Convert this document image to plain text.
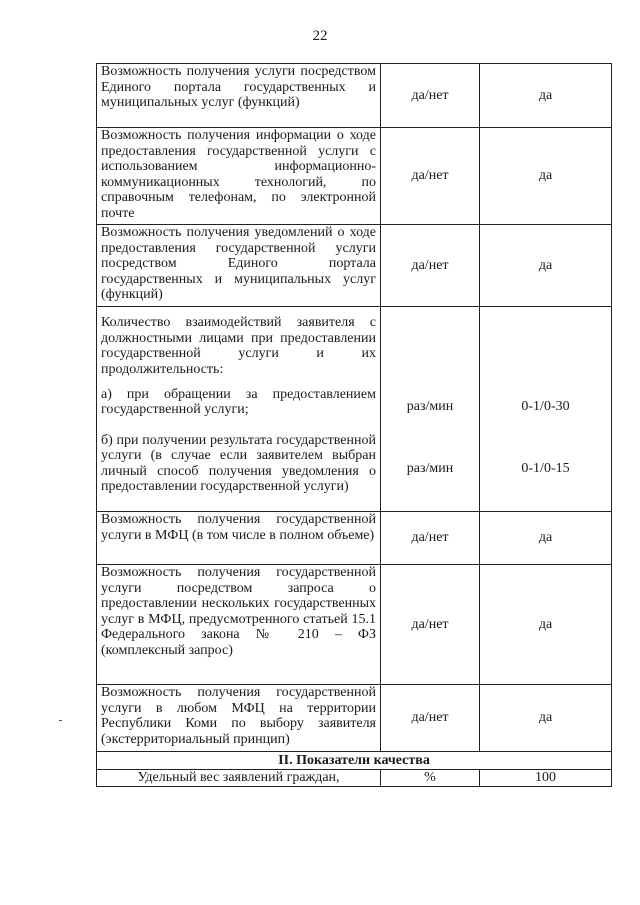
22
Возможность получения услуги посредством Единого портала государственных и муниципальных услуг (функций)	да/нет	да
Возможность получения информации о ходе предоставления государственной услуги с использованием информационно-коммуникационных технологий, по справочным телефонам, по электронной почте	да/нет	да
Возможность получения уведомлений о ходе предоставления государственной услуги посредством Единого портала государственных и муниципальных услуг (функций)	да/нет	да
Количество взаимодействий заявителя с должностными лицами при предоставлении государственной услуги и их продолжительность:		
а) при обращении за предоставлением государственной услуги;	раз/мин	0-1/0-30
б) при получении результата государственной услуги (в случае если заявителем выбран личный способ получения уведомления о предоставлении государственной услуги)	раз/мин	0-1/0-15
Возможность получения государственной услуги в МФЦ (в том числе в полном объеме)	да/нет	да
Возможность получения государственной услуги посредством запроса о предоставлении нескольких государственных услуг в МФЦ, предусмотренного статьей 15.1 Федерального закона № 210 – ФЗ (комплексный запрос)	да/нет	да
Возможность получения государственной услуги в любом МФЦ на территории Республики Коми по выбору заявителя (экстерриториальный принцип)	да/нет	да
II. Показатели качества		
Удельный вес заявлений граждан,	%	100
